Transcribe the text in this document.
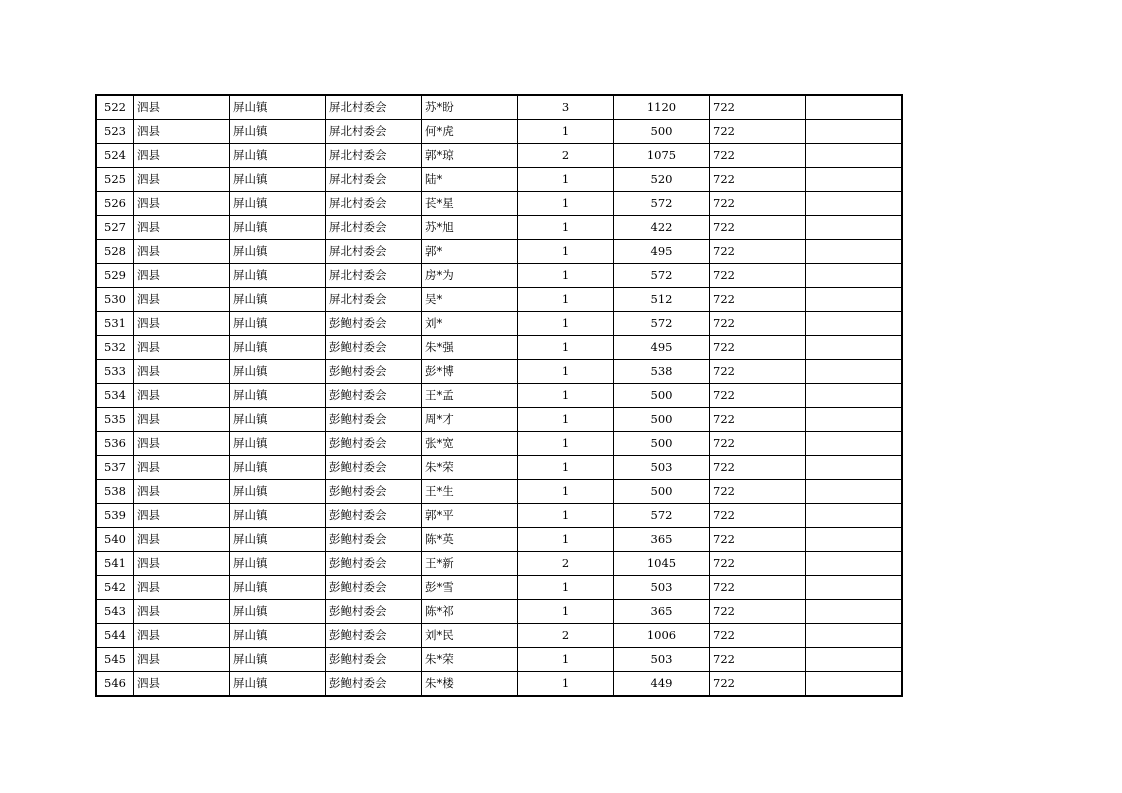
522	泗县	屏山镇	屏北村委会	苏*盼	3	1120	722	
523	泗县	屏山镇	屏北村委会	何*虎	1	500	722	
524	泗县	屏山镇	屏北村委会	郭*琼	2	1075	722	
525	泗县	屏山镇	屏北村委会	陆*	1	520	722	
526	泗县	屏山镇	屏北村委会	苌*星	1	572	722	
527	泗县	屏山镇	屏北村委会	苏*旭	1	422	722	
528	泗县	屏山镇	屏北村委会	郭*	1	495	722	
529	泗县	屏山镇	屏北村委会	房*为	1	572	722	
530	泗县	屏山镇	屏北村委会	吴*	1	512	722	
531	泗县	屏山镇	彭鲍村委会	刘*	1	572	722	
532	泗县	屏山镇	彭鲍村委会	朱*强	1	495	722	
533	泗县	屏山镇	彭鲍村委会	彭*博	1	538	722	
534	泗县	屏山镇	彭鲍村委会	王*孟	1	500	722	
535	泗县	屏山镇	彭鲍村委会	周*才	1	500	722	
536	泗县	屏山镇	彭鲍村委会	张*宽	1	500	722	
537	泗县	屏山镇	彭鲍村委会	朱*荣	1	503	722	
538	泗县	屏山镇	彭鲍村委会	王*生	1	500	722	
539	泗县	屏山镇	彭鲍村委会	郭*平	1	572	722	
540	泗县	屏山镇	彭鲍村委会	陈*英	1	365	722	
541	泗县	屏山镇	彭鲍村委会	王*新	2	1045	722	
542	泗县	屏山镇	彭鲍村委会	彭*雪	1	503	722	
543	泗县	屏山镇	彭鲍村委会	陈*祁	1	365	722	
544	泗县	屏山镇	彭鲍村委会	刘*民	2	1006	722	
545	泗县	屏山镇	彭鲍村委会	朱*荣	1	503	722	
546	泗县	屏山镇	彭鲍村委会	朱*楼	1	449	722	
